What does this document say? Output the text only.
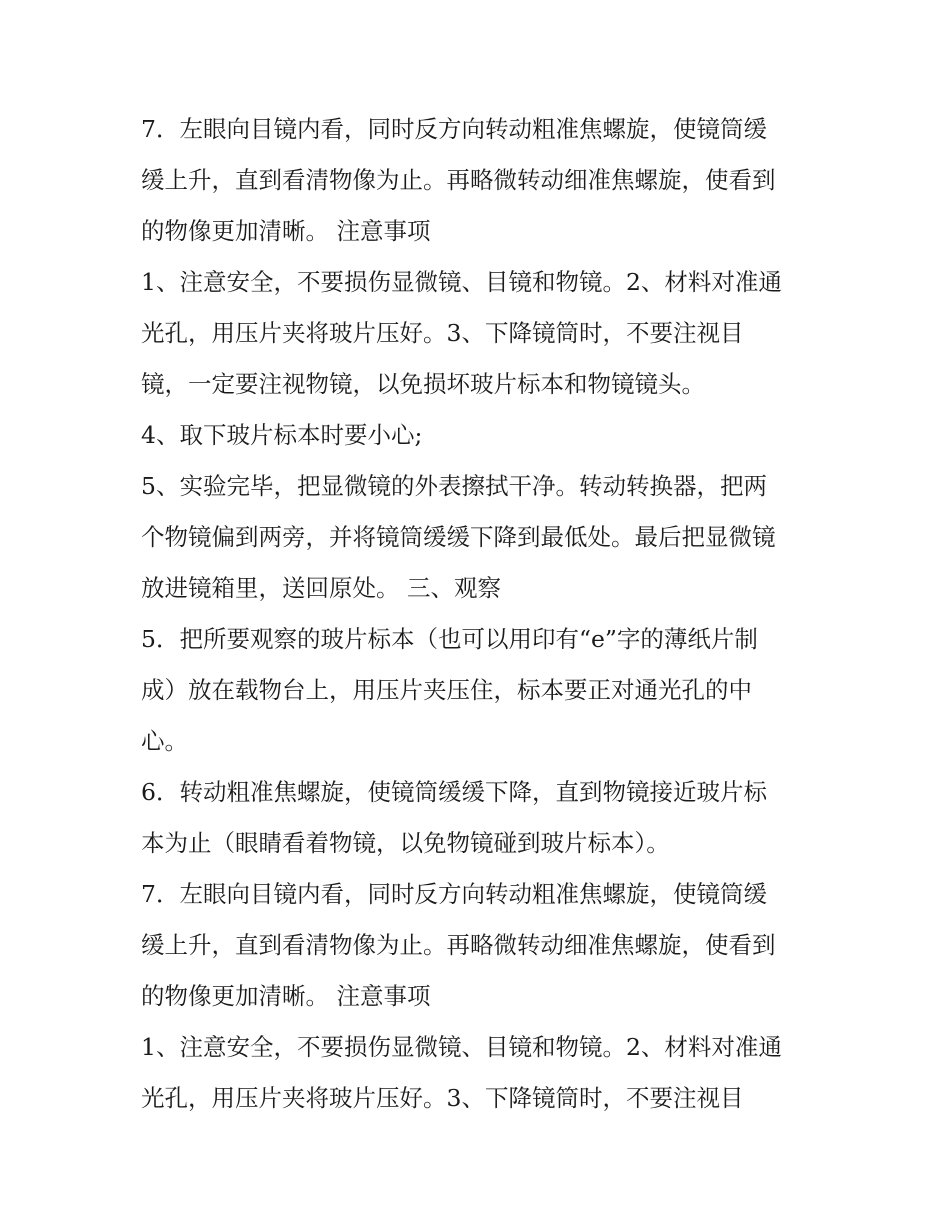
7．左眼向目镜内看，同时反方向转动粗准焦螺旋，使镜筒缓
缓上升，直到看清物像为止。再略微转动细准焦螺旋，使看到
的物像更加清晰。 注意事项
1、注意安全，不要损伤显微镜、目镜和物镜。2、材料对准通
光孔，用压片夹将玻片压好。3、下降镜筒时，不要注视目
镜，一定要注视物镜，以免损坏玻片标本和物镜镜头。
4、取下玻片标本时要小心;
5、实验完毕，把显微镜的外表擦拭干净。转动转换器，把两
个物镜偏到两旁，并将镜筒缓缓下降到最低处。最后把显微镜
放进镜箱里，送回原处。 三、观察
5．把所要观察的玻片标本（也可以用印有“e”字的薄纸片制
成）放在载物台上，用压片夹压住，标本要正对通光孔的中
心。
6．转动粗准焦螺旋，使镜筒缓缓下降，直到物镜接近玻片标
本为止（眼睛看着物镜，以免物镜碰到玻片标本）。
7．左眼向目镜内看，同时反方向转动粗准焦螺旋，使镜筒缓
缓上升，直到看清物像为止。再略微转动细准焦螺旋，使看到
的物像更加清晰。 注意事项
1、注意安全，不要损伤显微镜、目镜和物镜。2、材料对准通
光孔，用压片夹将玻片压好。3、下降镜筒时，不要注视目
